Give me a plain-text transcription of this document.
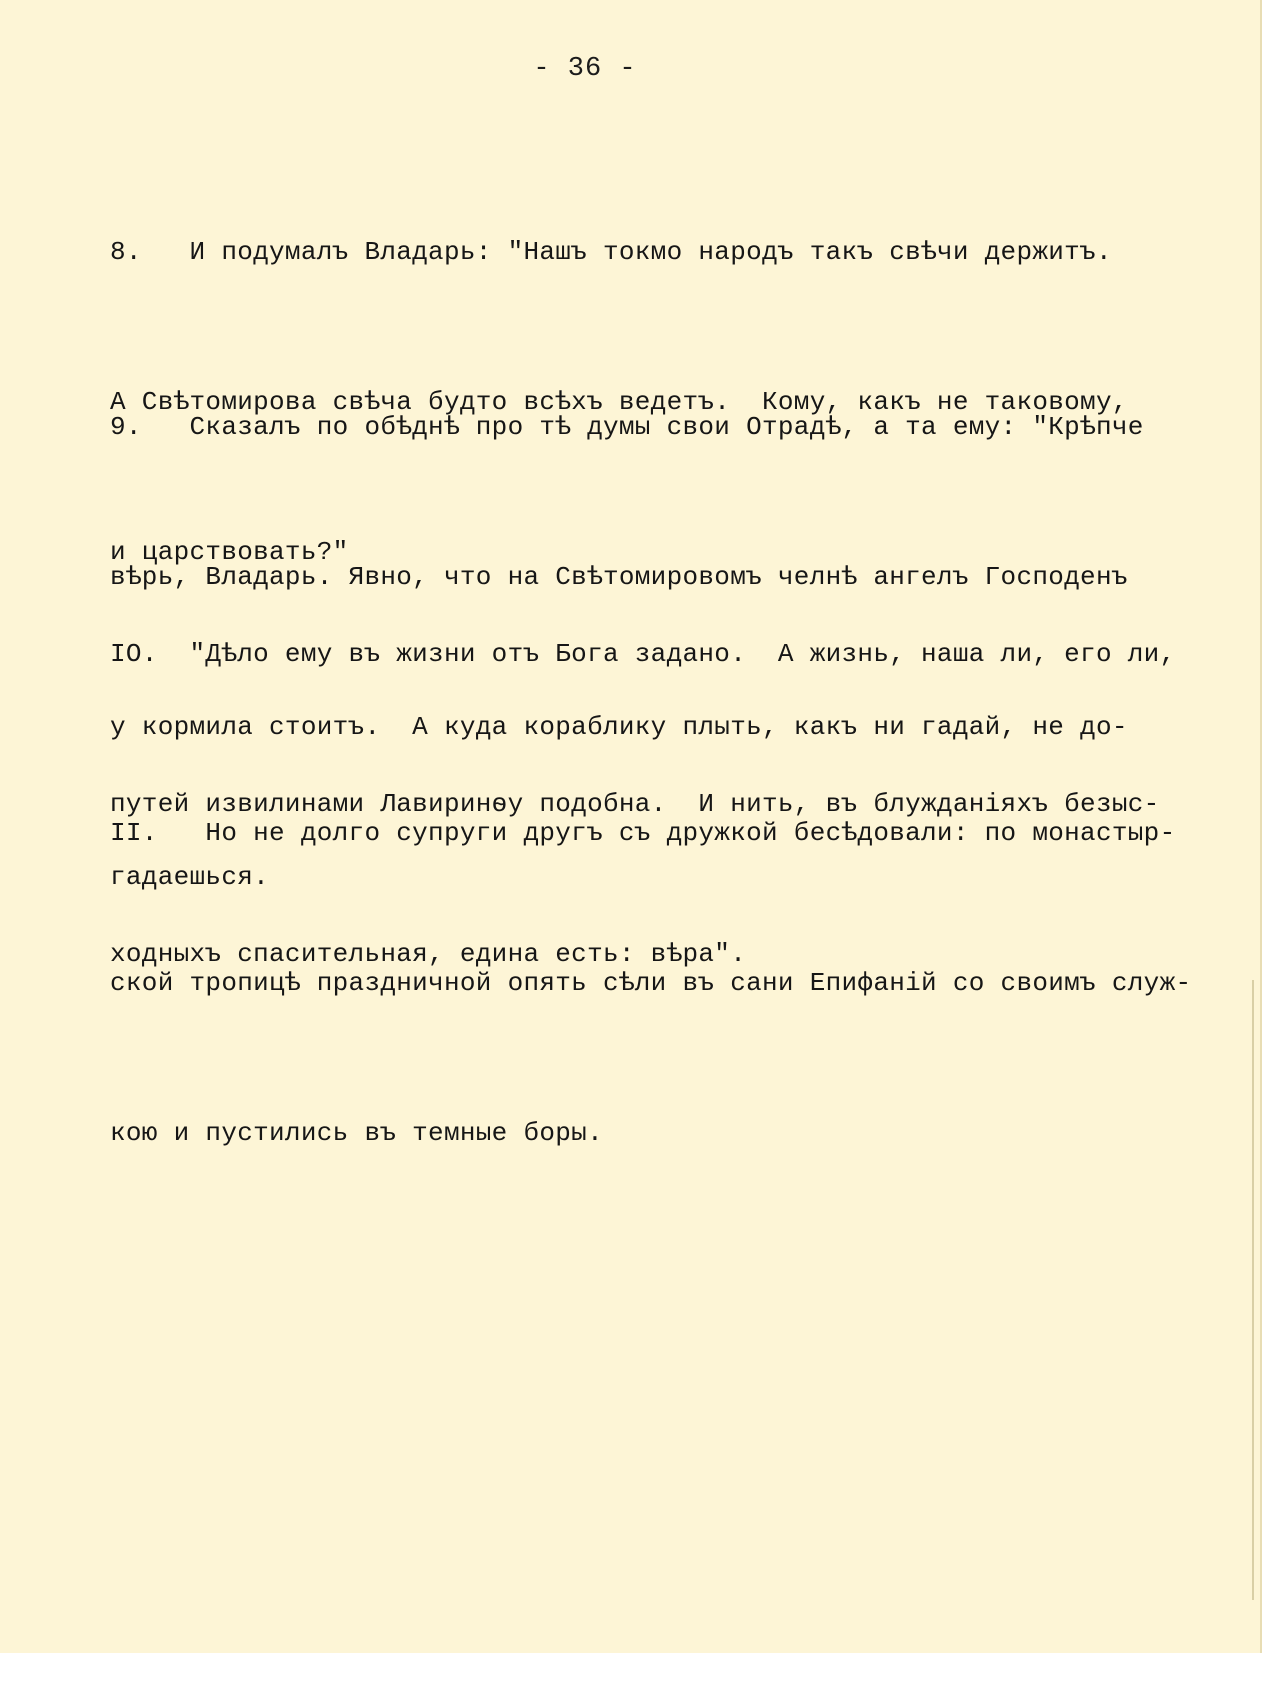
- 36 -

8.   И подумалъ Владарь: "Нашъ токмо народъ такъ свѣчи держитъ.

А Свѣтомирова свѣча будто всѣхъ ведетъ.  Кому, какъ не таковому,

и царствовать?"

9.   Сказалъ по обѣднѣ про тѣ думы свои Отрадѣ, а та ему: "Крѣпче

вѣрь, Владарь. Явно, что на Свѣтомировомъ челнѣ ангелъ Господенъ

у кормила стоитъ.  А куда кораблику плыть, какъ ни гадай, не до-

гадаешься.

IO.  "Дѣло ему въ жизни отъ Бога задано.  А жизнь, наша ли, его ли,

путей извилинами Лавиринѳу подобна.  И нить, въ блужданіяхъ безыс-

ходныхъ спасительная, едина есть: вѣра".

II.   Но не долго супруги другъ съ дружкой бесѣдовали: по монастыр-

ской тропицѣ праздничной опять сѣли въ сани Епифаній со своимъ служ-

кою и пустились въ темные боры.
